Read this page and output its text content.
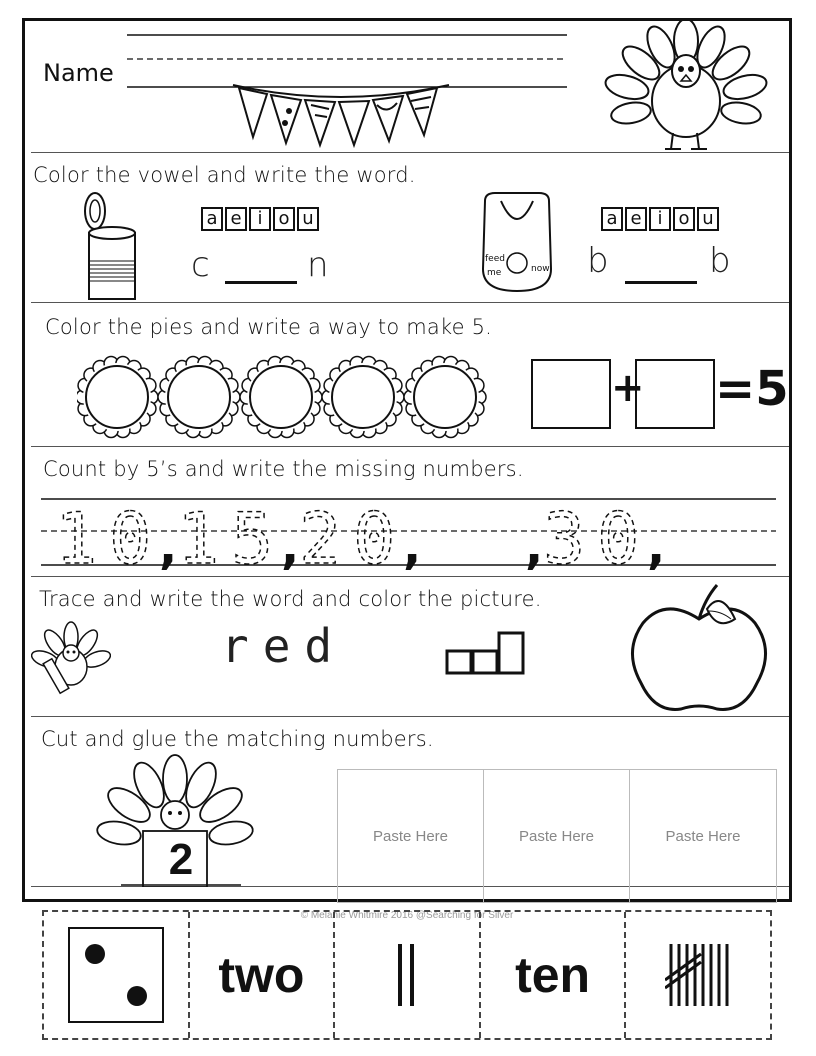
Name
Color the vowel and write the word.
a e i o u
c	n	feed
me	now
a e i o u
b	b
Color the pies and write a way to make 5.
+ =5
Count by 5’s and write the missing numbers.
10
, 15
, 20
, , 30
,
Trace and write the word and color the picture.
red
Cut and glue the matching numbers.
2	Paste Here	Paste Here	Paste Here
© Melanie Whitmire 2016 @Searching for Silver
two	ten
